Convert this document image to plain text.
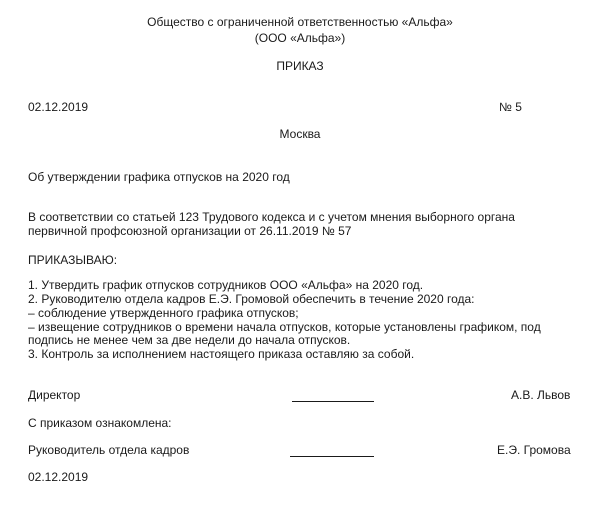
Общество с ограниченной ответственностью «Альфа»
(ООО «Альфа»)
ПРИКАЗ
02.12.2019	№ 5
Москва
Об утверждении графика отпусков на 2020 год
В соответствии со статьей 123 Трудового кодекса и с учетом мнения выборного органа
первичной профсоюзной организации от 26.11.2019 № 57
ПРИКАЗЫВАЮ:
1. Утвердить график отпусков сотрудников ООО «Альфа» на 2020 год.
2. Руководителю отдела кадров Е.Э. Громовой обеспечить в течение 2020 года:
– соблюдение утвержденного графика отпусков;
– извещение сотрудников о времени начала отпусков, которые установлены графиком, под
подпись не менее чем за две недели до начала отпусков.
3. Контроль за исполнением настоящего приказа оставляю за собой.
Директор	А.В. Львов
С приказом ознакомлена:
Руководитель отдела кадров	Е.Э. Громова
02.12.2019
